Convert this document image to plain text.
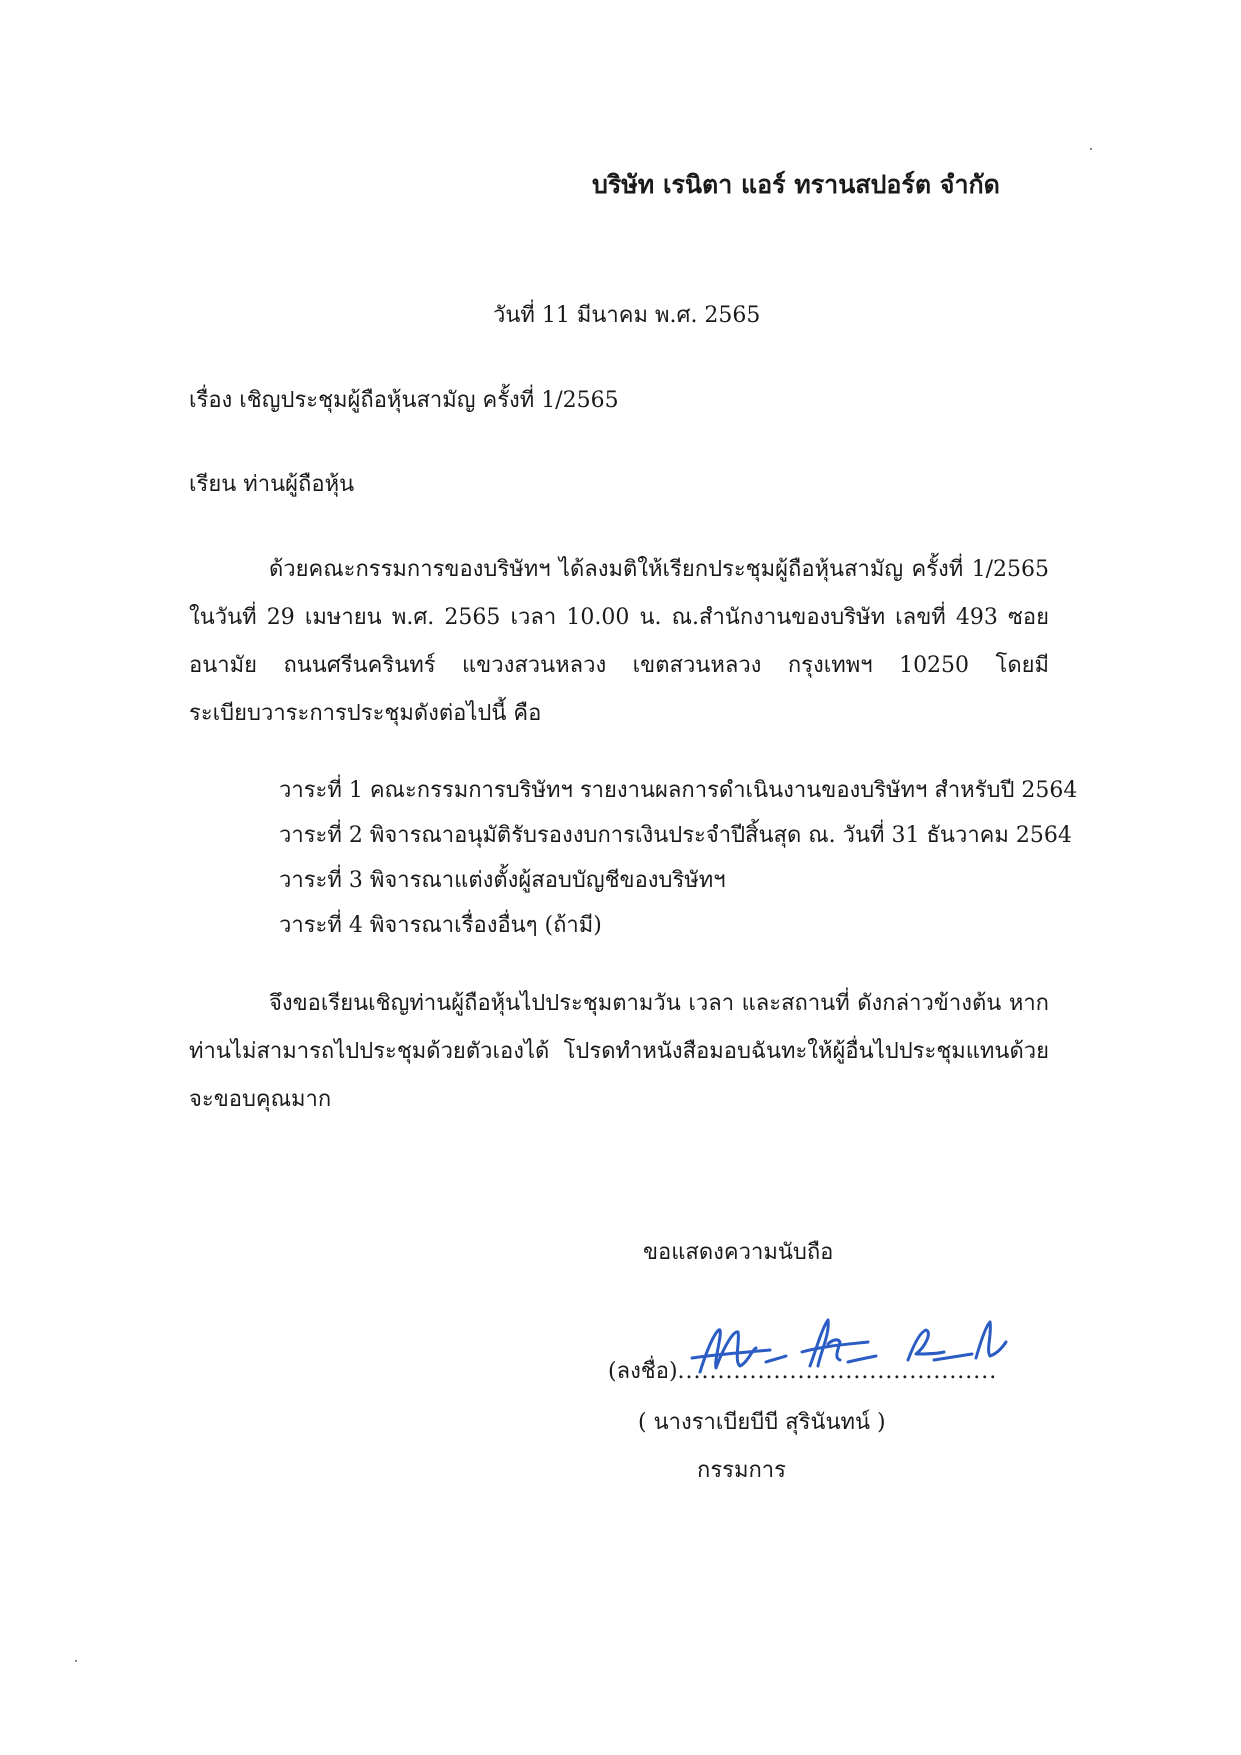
บริษัท เรนิตา แอร์ ทรานสปอร์ต จำกัด
วันที่ 11 มีนาคม พ.ศ. 2565
เรื่อง เชิญประชุมผู้ถือหุ้นสามัญ ครั้งที่ 1/2565
เรียน ท่านผู้ถือหุ้น
ด้วยคณะกรรมการของบริษัทฯ ได้ลงมติให้เรียกประชุมผู้ถือหุ้นสามัญ ครั้งที่ 1/2565 ในวันที่ 29 เมษายน พ.ศ. 2565 เวลา 10.00 น. ณ.สำนักงานของบริษัท เลขที่ 493 ซอยอนามัย ถนนศรีนครินทร์ แขวงสวนหลวง เขตสวนหลวง กรุงเทพฯ 10250 โดยมี ระเบียบวาระการประชุมดังต่อไปนี้ คือ
วาระที่ 1 คณะกรรมการบริษัทฯ รายงานผลการดำเนินงานของบริษัทฯ สำหรับปี 2564
วาระที่ 2 พิจารณาอนุมัติรับรองงบการเงินประจำปีสิ้นสุด ณ. วันที่ 31 ธันวาคม 2564
วาระที่ 3 พิจารณาแต่งตั้งผู้สอบบัญชีของบริษัทฯ
วาระที่ 4 พิจารณาเรื่องอื่นๆ (ถ้ามี)
จึงขอเรียนเชิญท่านผู้ถือหุ้นไปประชุมตามวัน เวลา และสถานที่ ดังกล่าวข้างต้น หาก ท่านไม่สามารถไปประชุมด้วยตัวเองได้ โปรดทำหนังสือมอบฉันทะให้ผู้อื่นไปประชุมแทนด้วย จะขอบคุณมาก
ขอแสดงความนับถือ
(ลงชื่อ)........................................
( นางราเบียบีบี สุรินันทน์ )
กรรมการ
